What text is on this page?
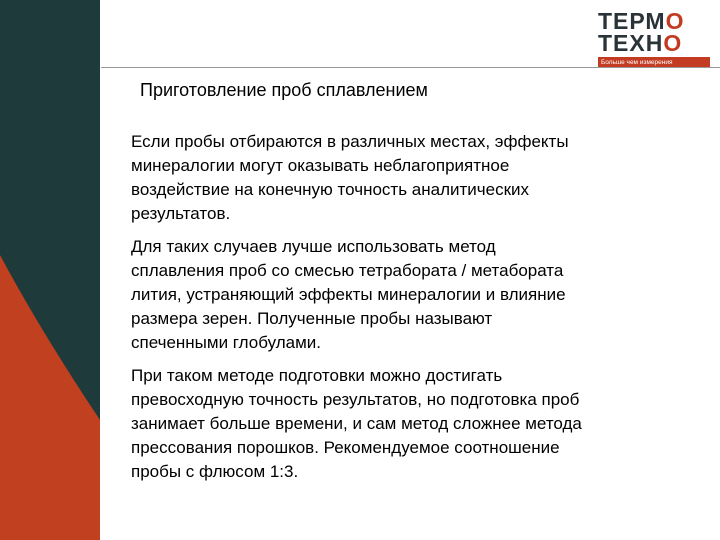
ТЕРМО
ТЕХНО
Больше чем измерения
Приготовление проб сплавлением

Если пробы отбираются в различных местах, эффекты
минералогии могут оказывать неблагоприятное
воздействие на конечную точность аналитических
результатов.

Для таких случаев лучше использовать метод
сплавления проб со смесью тетрабората / метабората
лития, устраняющий эффекты минералогии и влияние
размера зерен. Полученные пробы называют
спеченными глобулами.

При таком методе подготовки можно достигать
превосходную точность результатов, но подготовка проб
занимает больше времени, и сам метод сложнее метода
прессования порошков. Рекомендуемое соотношение
пробы с флюсом 1:3.
